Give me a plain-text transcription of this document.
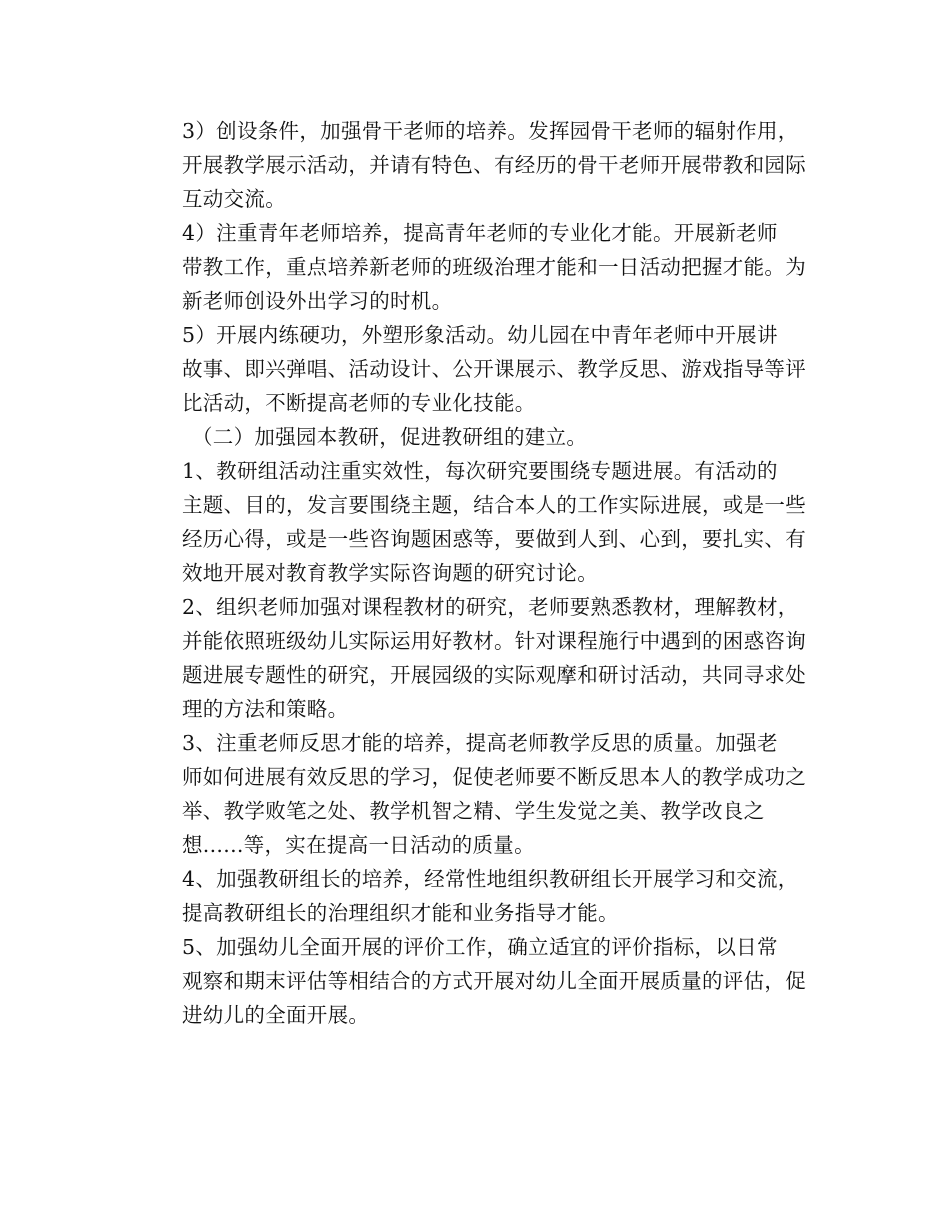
3）创设条件，加强骨干老师的培养。发挥园骨干老师的辐射作用，
开展教学展示活动，并请有特色、有经历的骨干老师开展带教和园际
互动交流。

4）注重青年老师培养，提高青年老师的专业化才能。开展新老师
带教工作，重点培养新老师的班级治理才能和一日活动把握才能。为
新老师创设外出学习的时机。

5）开展内练硬功，外塑形象活动。幼儿园在中青年老师中开展讲
故事、即兴弹唱、活动设计、公开课展示、教学反思、游戏指导等评
比活动，不断提高老师的专业化技能。

（二）加强园本教研，促进教研组的建立。

1、教研组活动注重实效性，每次研究要围绕专题进展。有活动的
主题、目的，发言要围绕主题，结合本人的工作实际进展，或是一些
经历心得，或是一些咨询题困惑等，要做到人到、心到，要扎实、有
效地开展对教育教学实际咨询题的研究讨论。

2、组织老师加强对课程教材的研究，老师要熟悉教材，理解教材，
并能依照班级幼儿实际运用好教材。针对课程施行中遇到的困惑咨询
题进展专题性的研究，开展园级的实际观摩和研讨活动，共同寻求处
理的方法和策略。

3、注重老师反思才能的培养，提高老师教学反思的质量。加强老
师如何进展有效反思的学习，促使老师要不断反思本人的教学成功之
举、教学败笔之处、教学机智之精、学生发觉之美、教学改良之
想......等，实在提高一日活动的质量。

4、加强教研组长的培养，经常性地组织教研组长开展学习和交流，
提高教研组长的治理组织才能和业务指导才能。

5、加强幼儿全面开展的评价工作，确立适宜的评价指标，以日常
观察和期末评估等相结合的方式开展对幼儿全面开展质量的评估，促
进幼儿的全面开展。
